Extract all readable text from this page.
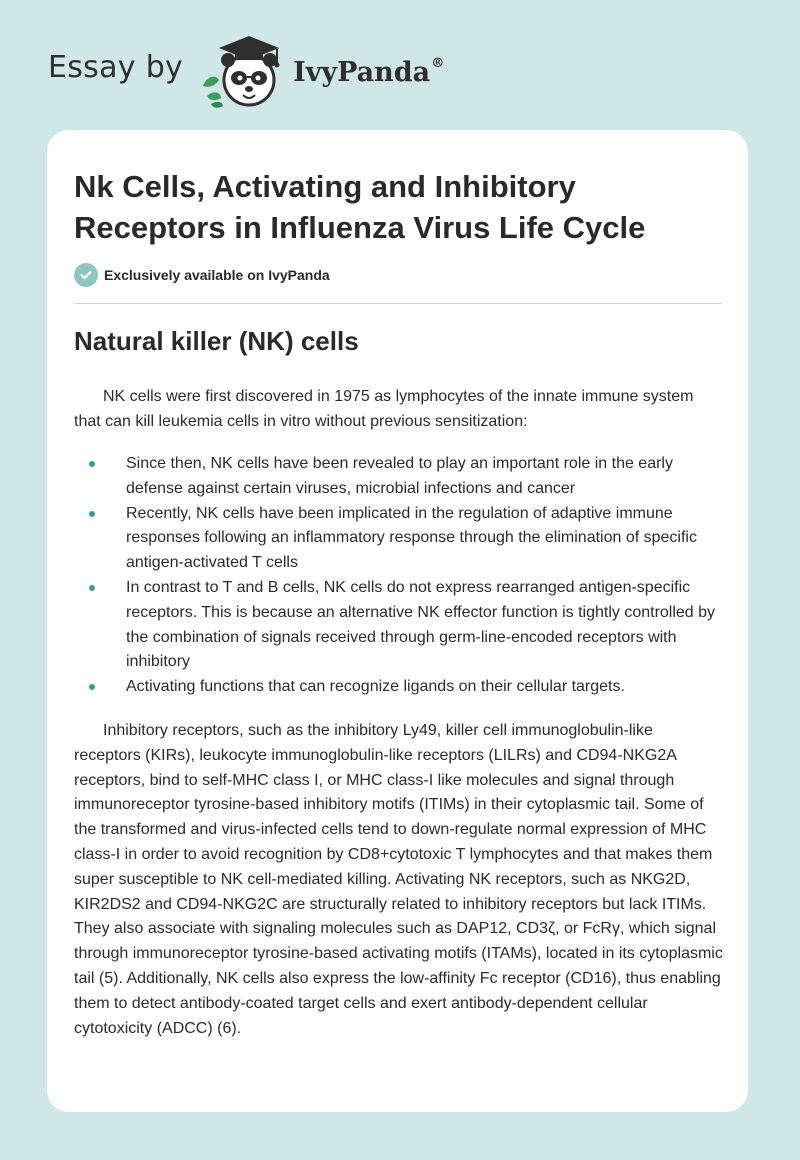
Essay by	IvyPanda®
Nk Cells, Activating and Inhibitory Receptors in Influenza Virus Life Cycle
Exclusively available on IvyPanda
Natural killer (NK) cells

NK cells were first discovered in 1975 as lymphocytes of the innate immune system that can kill leukemia cells in vitro without previous sensitization:

Since then, NK cells have been revealed to play an important role in the early defense against certain viruses, microbial infections and cancer
Recently, NK cells have been implicated in the regulation of adaptive immune responses following an inflammatory response through the elimination of specific antigen-activated T cells
In contrast to T and B cells, NK cells do not express rearranged antigen-specific receptors. This is because an alternative NK effector function is tightly controlled by the combination of signals received through germ-line-encoded receptors with inhibitory
Activating functions that can recognize ligands on their cellular targets.

Inhibitory receptors, such as the inhibitory Ly49, killer cell immunoglobulin-like receptors (KIRs), leukocyte immunoglobulin-like receptors (LILRs) and CD94-NKG2A receptors, bind to self-MHC class I, or MHC class-I like molecules and signal through immunoreceptor tyrosine-based inhibitory motifs (ITIMs) in their cytoplasmic tail. Some of the transformed and virus-infected cells tend to down-regulate normal expression of MHC class-I in order to avoid recognition by CD8+cytotoxic T lymphocytes and that makes them super susceptible to NK cell-mediated killing. Activating NK receptors, such as NKG2D, KIR2DS2 and CD94-NKG2C are structurally related to inhibitory receptors but lack ITIMs. They also associate with signaling molecules such as DAP12, CD3ζ, or FcRγ, which signal through immunoreceptor tyrosine-based activating motifs (ITAMs), located in its cytoplasmic tail (5). Additionally, NK cells also express the low-affinity Fc receptor (CD16), thus enabling them to detect antibody-coated target cells and exert antibody-dependent cellular cytotoxicity (ADCC) (6).
